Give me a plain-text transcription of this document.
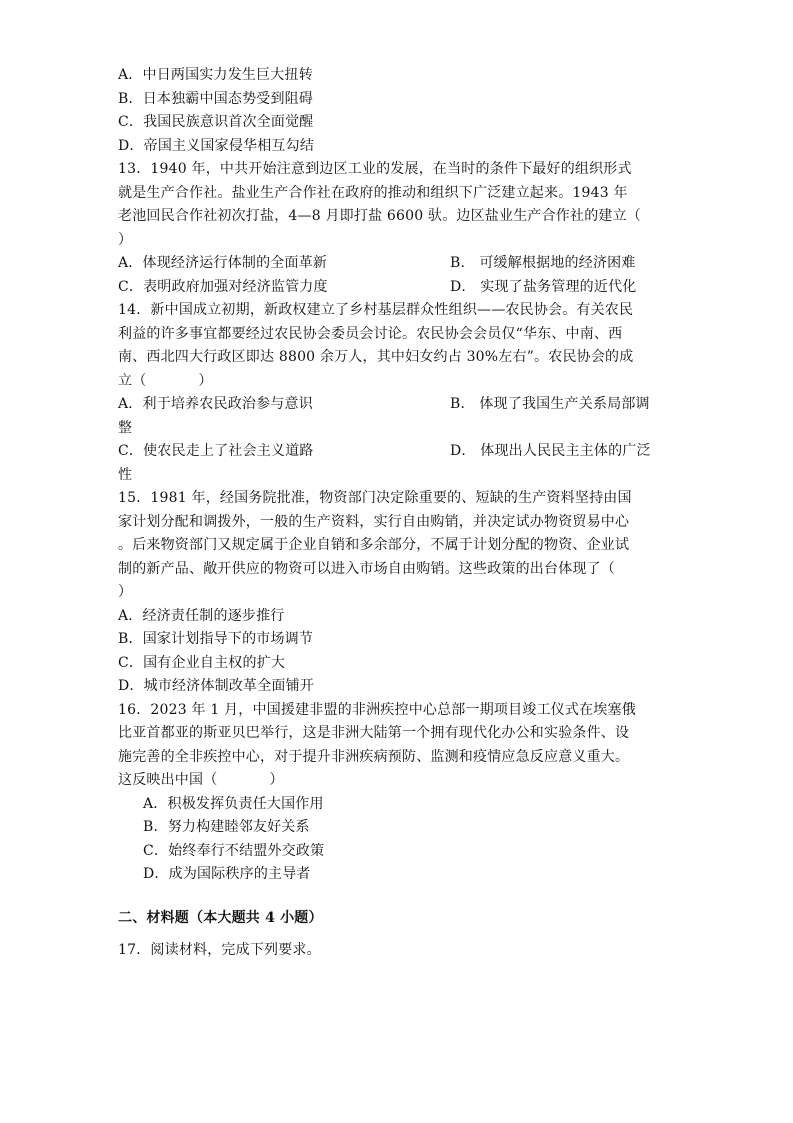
A．中日两国实力发生巨大扭转
B．日本独霸中国态势受到阻碍
C．我国民族意识首次全面觉醒
D．帝国主义国家侵华相互勾结
13．1940 年，中共开始注意到边区工业的发展，在当时的条件下最好的组织形式
就是生产合作社。盐业生产合作社在政府的推动和组织下广泛建立起来。1943 年
老池回民合作社初次打盐，4—8 月即打盐 6600 驮。边区盐业生产合作社的建立（
）
A．体现经济运行体制的全面革新	B． 可缓解根据地的经济困难
C．表明政府加强对经济监管力度	D． 实现了盐务管理的近代化
14．新中国成立初期，新政权建立了乡村基层群众性组织——农民协会。有关农民
利益的许多事宜都要经过农民协会委员会讨论。农民协会会员仅“华东、中南、西
南、西北四大行政区即达 8800 余万人，其中妇女约占 30%左右”。农民协会的成
立（	）
A．利于培养农民政治参与意识	B． 体现了我国生产关系局部调
整
C．使农民走上了社会主义道路	D． 体现出人民民主主体的广泛
性
15．1981 年，经国务院批准，物资部门决定除重要的、短缺的生产资料坚持由国
家计划分配和调拨外，一般的生产资料，实行自由购销，并决定试办物资贸易中心
。后来物资部门又规定属于企业自销和多余部分，不属于计划分配的物资、企业试
制的新产品、敞开供应的物资可以进入市场自由购销。这些政策的出台体现了（
）
A．经济责任制的逐步推行
B．国家计划指导下的市场调节
C．国有企业自主权的扩大
D．城市经济体制改革全面铺开
16．2023 年 1 月，中国援建非盟的非洲疾控中心总部一期项目竣工仪式在埃塞俄
比亚首都亚的斯亚贝巴举行，这是非洲大陆第一个拥有现代化办公和实验条件、设
施完善的全非疾控中心，对于提升非洲疾病预防、监测和疫情应急反应意义重大。
这反映出中国（	）
A．积极发挥负责任大国作用
B．努力构建睦邻友好关系
C．始终奉行不结盟外交政策
D．成为国际秩序的主导者
二、材料题（本大题共 4 小题）
17．阅读材料，完成下列要求。
